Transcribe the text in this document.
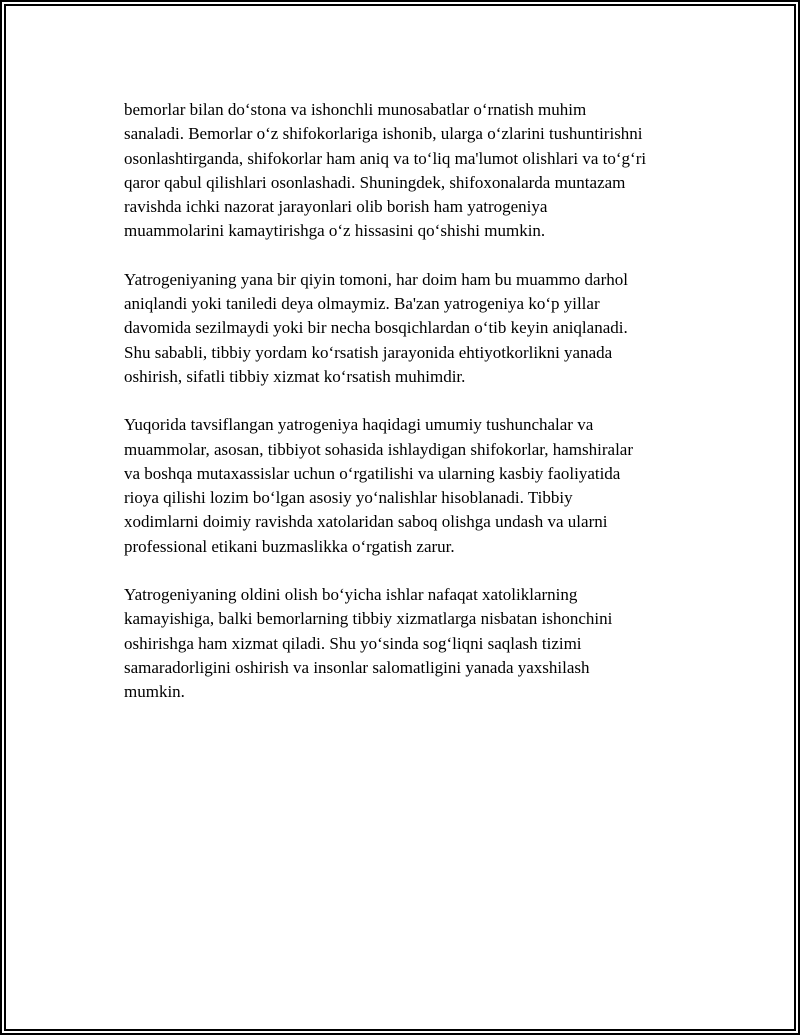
bemorlar bilan do‘stona va ishonchli munosabatlar o‘rnatish muhim
sanaladi. Bemorlar o‘z shifokorlariga ishonib, ularga o‘zlarini tushuntirishni
osonlashtirganda, shifokorlar ham aniq va to‘liq ma'lumot olishlari va to‘g‘ri
qaror qabul qilishlari osonlashadi. Shuningdek, shifoxonalarda muntazam
ravishda ichki nazorat jarayonlari olib borish ham yatrogeniya
muammolarini kamaytirishga o‘z hissasini qo‘shishi mumkin.

Yatrogeniyaning yana bir qiyin tomoni, har doim ham bu muammo darhol
aniqlandi yoki taniledi deya olmaymiz. Ba'zan yatrogeniya ko‘p yillar
davomida sezilmaydi yoki bir necha bosqichlardan o‘tib keyin aniqlanadi.
Shu sababli, tibbiy yordam ko‘rsatish jarayonida ehtiyotkorlikni yanada
oshirish, sifatli tibbiy xizmat ko‘rsatish muhimdir.

Yuqorida tavsiflangan yatrogeniya haqidagi umumiy tushunchalar va
muammolar, asosan, tibbiyot sohasida ishlaydigan shifokorlar, hamshiralar
va boshqa mutaxassislar uchun o‘rgatilishi va ularning kasbiy faoliyatida
rioya qilishi lozim bo‘lgan asosiy yo‘nalishlar hisoblanadi. Tibbiy
xodimlarni doimiy ravishda xatolaridan saboq olishga undash va ularni
professional etikani buzmaslikka o‘rgatish zarur.

Yatrogeniyaning oldini olish bo‘yicha ishlar nafaqat xatoliklarning
kamayishiga, balki bemorlarning tibbiy xizmatlarga nisbatan ishonchini
oshirishga ham xizmat qiladi. Shu yo‘sinda sog‘liqni saqlash tizimi
samaradorligini oshirish va insonlar salomatligini yanada yaxshilash
mumkin.
